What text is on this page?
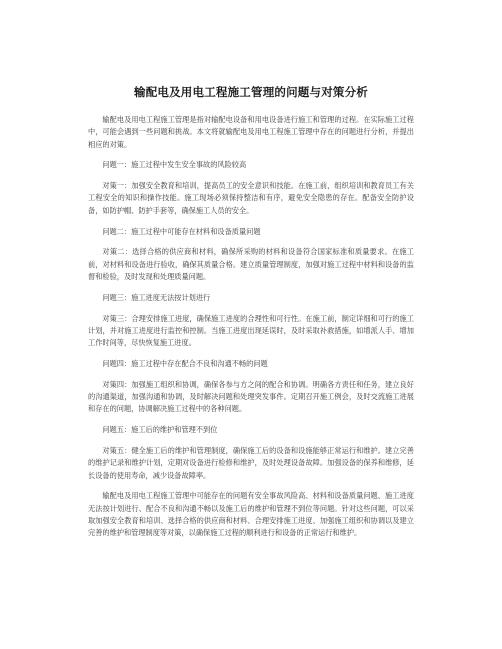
输配电及用电工程施工管理的问题与对策分析

输配电及用电工程施工管理是指对输配电设备和用电设备进行施工和管理的过程。在实际施工过程中，可能会遇到一些问题和挑战。本文将就输配电及用电工程施工管理中存在的问题进行分析，并提出相应的对策。

问题一：施工过程中发生安全事故的风险较高

对策一：加强安全教育和培训，提高员工的安全意识和技能。在施工前，组织培训和教育员工有关工程安全的知识和操作技能。施工现场必须保持整洁和有序，避免安全隐患的存在。配备安全防护设备，如防护帽、防护手套等，确保施工人员的安全。

问题二：施工过程中可能存在材料和设备质量问题

对策二：选择合格的供应商和材料，确保所采购的材料和设备符合国家标准和质量要求。在施工前，对材料和设备进行验收，确保其质量合格。建立质量管理制度，加强对施工过程中材料和设备的监督和检验，及时发现和处理质量问题。

问题三：施工进度无法按计划进行

对策三：合理安排施工进度，确保施工进度的合理性和可行性。在施工前，制定详细和可行的施工计划，并对施工进度进行监控和控制。当施工进度出现延误时，及时采取补救措施，如增派人手、增加工作时间等，尽快恢复施工进度。

问题四：施工过程中存在配合不良和沟通不畅的问题

对策四：加强施工组织和协调，确保各参与方之间的配合和协调。明确各方责任和任务，建立良好的沟通渠道，加强沟通和协调，及时解决问题和处理突发事件。定期召开施工例会，及时交流施工进展和存在的问题，协调解决施工过程中的各种问题。

问题五：施工后的维护和管理不到位

对策五：健全施工后的维护和管理制度，确保施工后的设备和设施能够正常运行和维护。建立完善的维护记录和维护计划，定期对设备进行检修和维护，及时处理设备故障。加强设备的保养和维修，延长设备的使用寿命，减少设备故障率。

输配电及用电工程施工管理中可能存在的问题有安全事故风险高、材料和设备质量问题、施工进度无法按计划进行、配合不良和沟通不畅以及施工后的维护和管理不到位等问题。针对这些问题，可以采取加强安全教育和培训、选择合格的供应商和材料、合理安排施工进度、加强施工组织和协调以及建立完善的维护和管理制度等对策，以确保施工过程的顺利进行和设备的正常运行和维护。
